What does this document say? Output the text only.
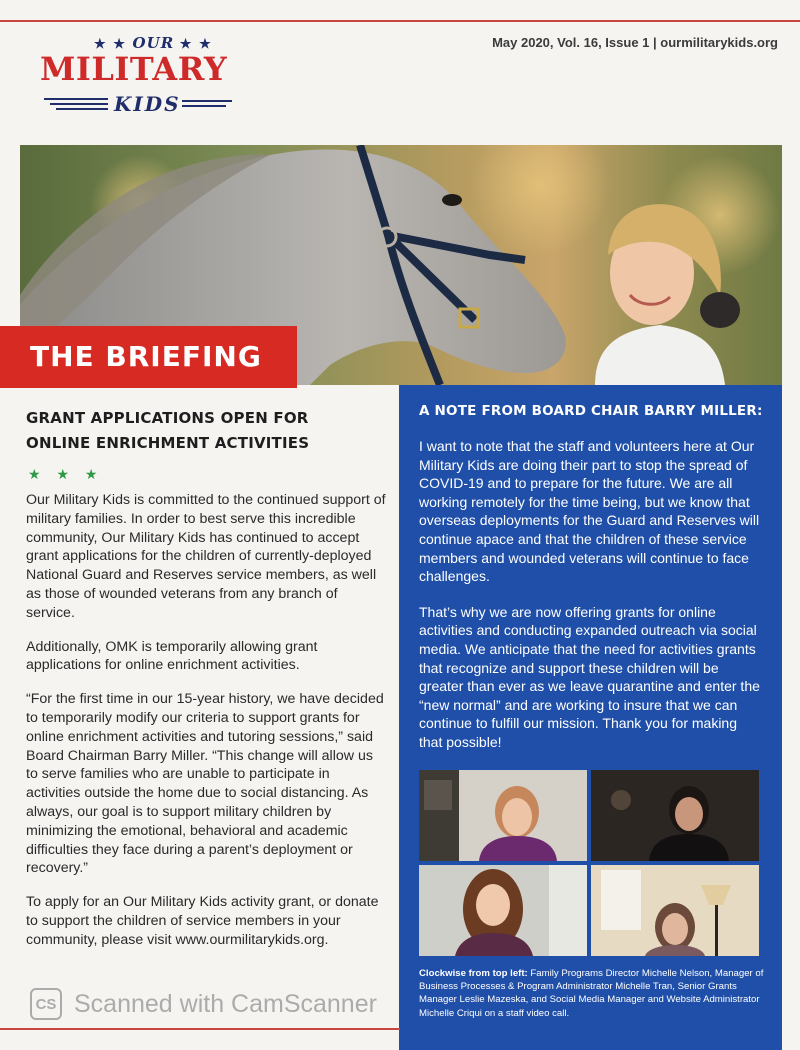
★ ★ OUR ★ ★
MILITARY
KIDS
May 2020, Vol. 16, Issue 1 | ourmilitarykids.org
THE BRIEFING
GRANT APPLICATIONS OPEN FOR
ONLINE ENRICHMENT ACTIVITIES
★ ★ ★

Our Military Kids is committed to the continued support of military families. In order to best serve this incredible community, Our Military Kids has continued to accept grant applications for the children of currently-deployed National Guard and Reserves service members, as well as those of wounded veterans from any branch of service.

Additionally, OMK is temporarily allowing grant applications for online enrichment activities.

“For the first time in our 15-year history, we have decided to temporarily modify our criteria to support grants for online enrichment activities and tutoring sessions,” said Board Chairman Barry Miller. “This change will allow us to serve families who are unable to participate in activities outside the home due to social distancing. As always, our goal is to support military children by minimizing the emotional, behavioral and academic difficulties they face during a parent’s deployment or recovery.”

To apply for an Our Military Kids activity grant, or donate to support the children of service members in your community, please visit www.ourmilitarykids.org.

A NOTE FROM BOARD CHAIR BARRY MILLER:

I want to note that the staff and volunteers here at Our Military Kids are doing their part to stop the spread of COVID-19 and to prepare for the future. We are all working remotely for the time being, but we know that overseas deployments for the Guard and Reserves will continue apace and that the children of these service members and wounded veterans will continue to face challenges.

That’s why we are now offering grants for online activities and conducting expanded outreach via social media. We anticipate that the need for activities grants that recognize and support these children will be greater than ever as we leave quarantine and enter the “new normal” and are working to insure that we can continue to fulfill our mission. Thank you for making that possible!

Clockwise from top left: Family Programs Director Michelle Nelson, Manager of Business Processes & Program Administrator Michelle Tran, Senior Grants Manager Leslie Mazeska, and Social Media Manager and Website Administrator Michelle Criqui on a staff video call.
CS Scanned with CamScanner
